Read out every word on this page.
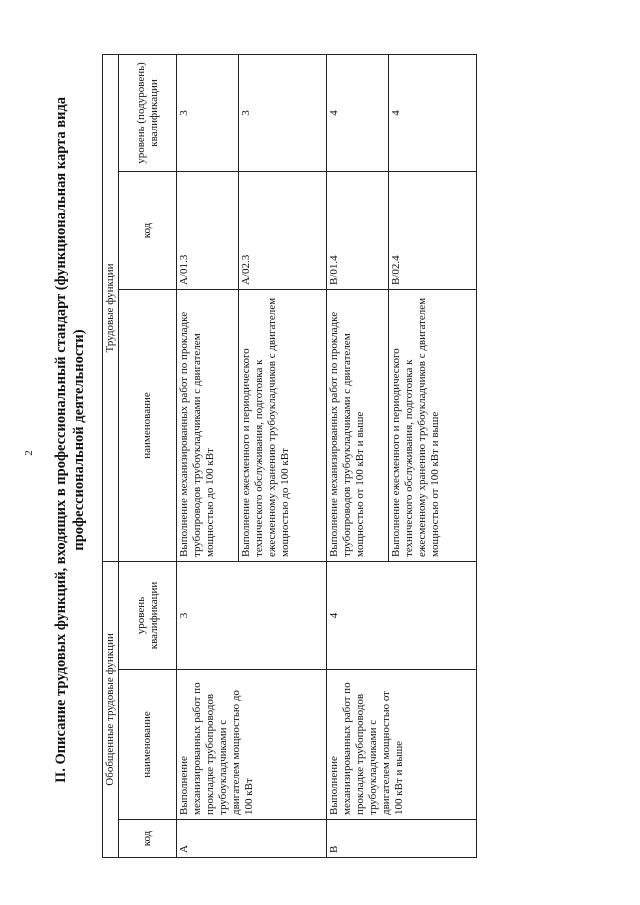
2 II. Описание трудовых функций, входящих в профессиональный стандарт (функциональная карта вида профессиональной деятельности)
Обобщенные трудовые функции			Трудовые функции		
код	наименование	уровень квалификации	наименование	код	уровень (подуровень) квалификации
А	Выполнение механизированных работ по прокладке трубопроводов трубоукладчиками с двигателем мощностью до 100 кВт	3	Выполнение механизированных работ по прокладке трубопроводов трубоукладчиками с двигателем мощностью до 100 кВт	А/01.3	3
			Выполнение ежесменного и периодического технического обслуживания, подготовка к ежесменному хранению трубоукладчиков с двигателем мощностью до 100 кВт	А/02.3	3
В	Выполнение механизированных работ по прокладке трубопроводов трубоукладчиками с двигателем мощностью от 100 кВт и выше	4	Выполнение механизированных работ по прокладке трубопроводов трубоукладчиками с двигателем мощностью от 100 кВт и выше	В/01.4	4
			Выполнение ежесменного и периодического технического обслуживания, подготовка к ежесменному хранению трубоукладчиков с двигателем мощностью от 100 кВт и выше	В/02.4	4
